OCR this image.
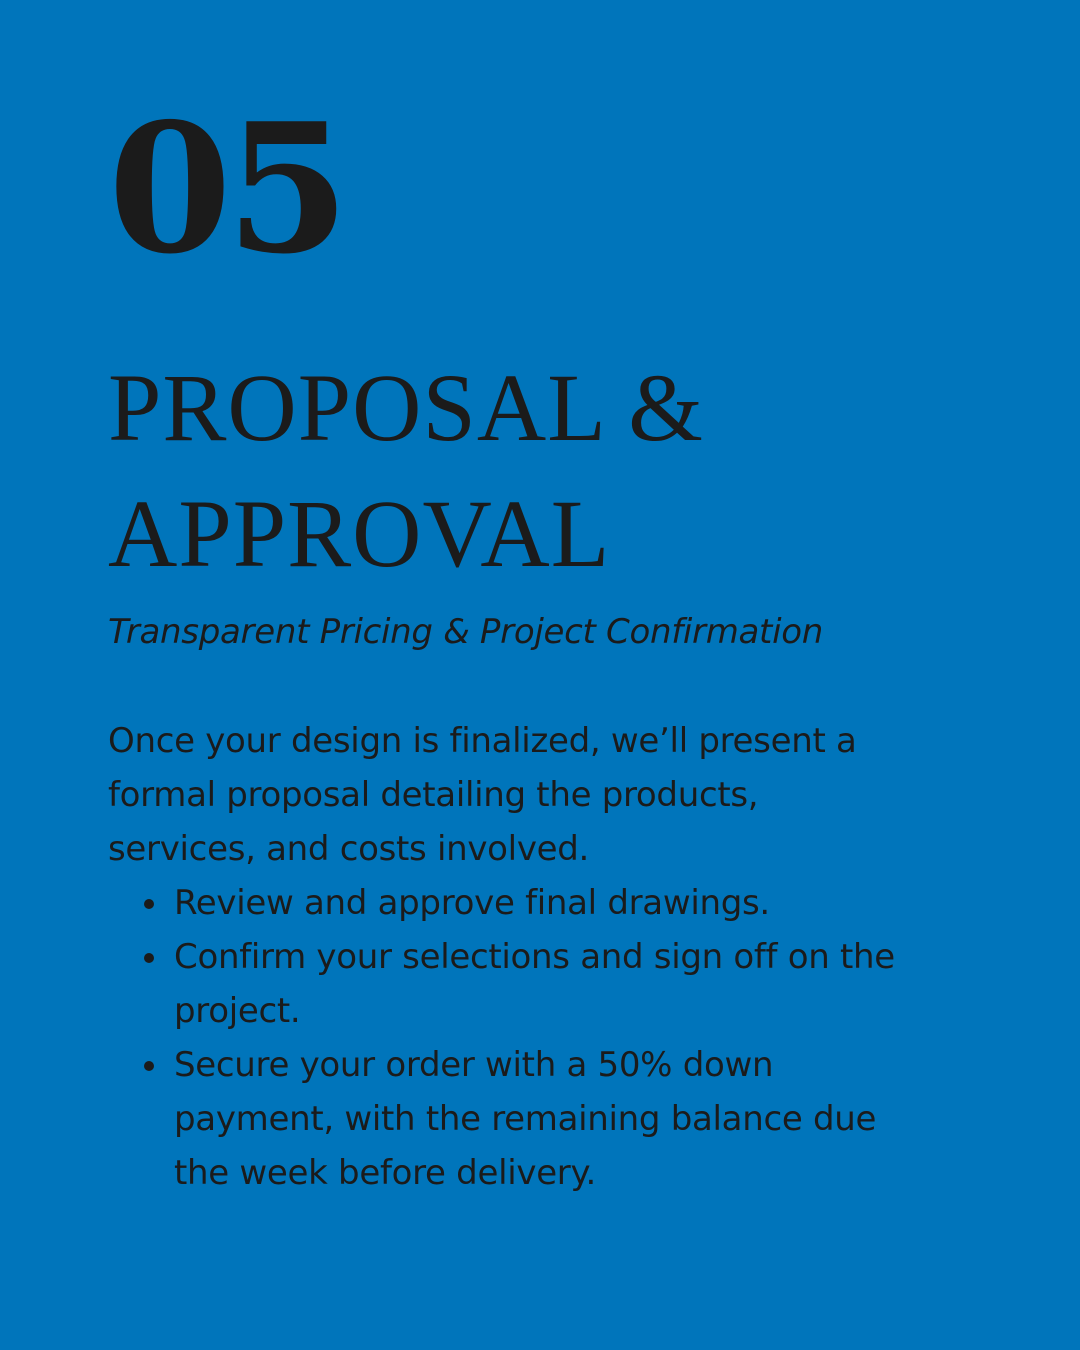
05
PROPOSAL &
APPROVAL

Transparent Pricing & Project Confirmation

Once your design is finalized, we’ll present a
formal proposal detailing the products,
services, and costs involved.

Review and approve final drawings.
Confirm your selections and sign off on the
project.
Secure your order with a 50% down
payment, with the remaining balance due
the week before delivery.
